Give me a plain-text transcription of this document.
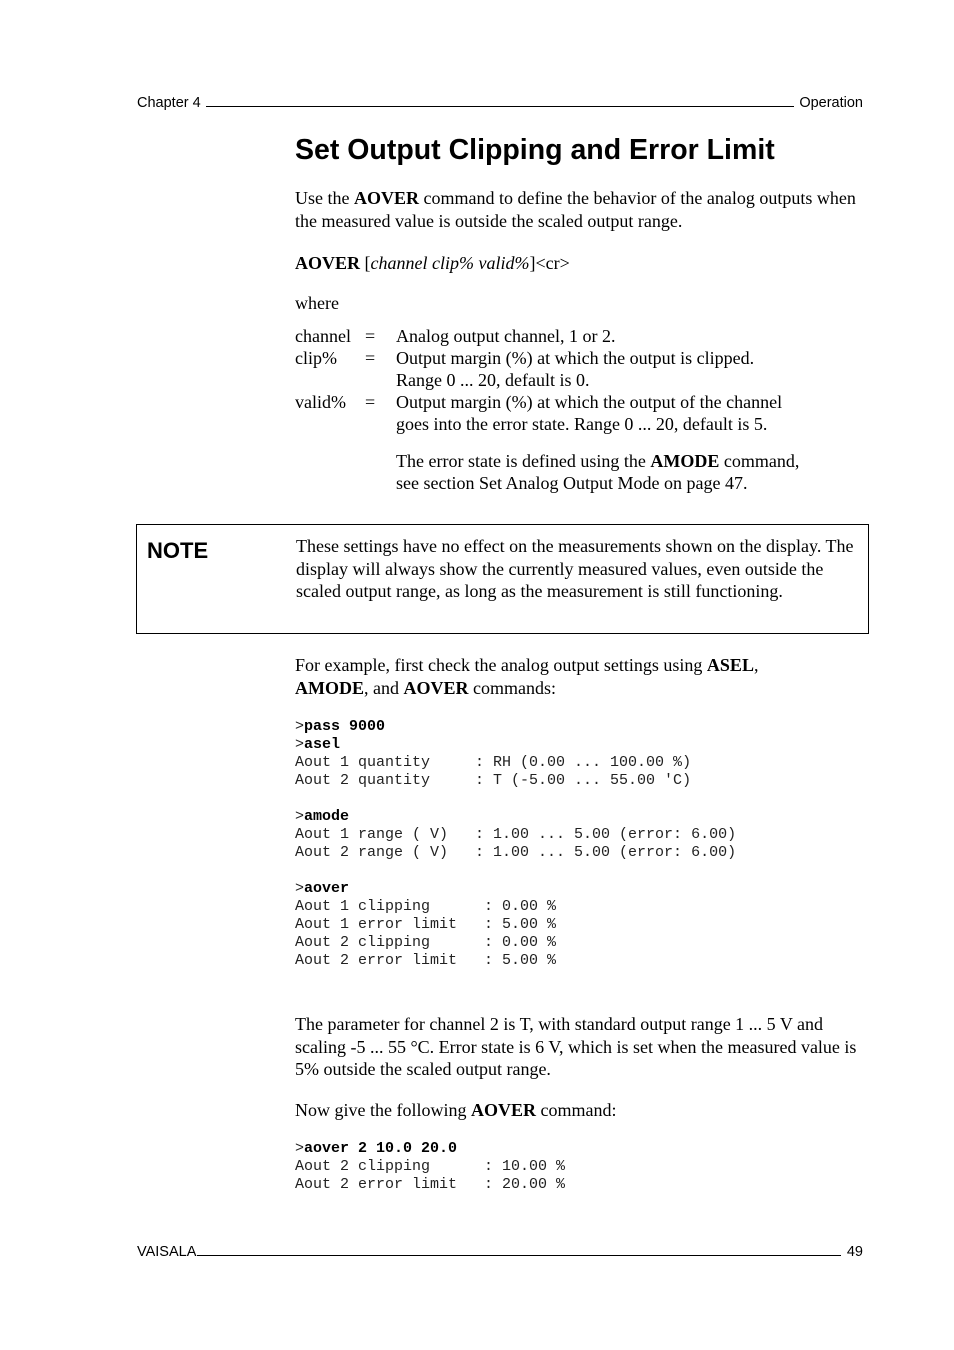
Chapter 4	Operation
Set Output Clipping and Error Limit
Use the AOVER command to define the behavior of the analog outputs when the measured value is outside the scaled output range.
AOVER [channel clip% valid%]<cr>
where
channel =	Analog output channel, 1 or 2.
clip%	=	Output margin (%) at which the output is clipped.
Range 0 ... 20, default is 0.
valid%	=	Output margin (%) at which the output of the channel
goes into the error state. Range 0 ... 20, default is 5.
The error state is defined using the AMODE command,
see section Set Analog Output Mode on page 47.
NOTE	These settings have no effect on the measurements shown on the display. The display will always show the currently measured values, even outside the scaled output range, as long as the measurement is still functioning.
For example, first check the analog output settings using ASEL,
AMODE, and AOVER commands:
>pass 9000
>asel
Aout 1 quantity     : RH (0.00 ... 100.00 %)
Aout 2 quantity     : T (-5.00 ... 55.00 'C)
>amode
Aout 1 range ( V)   : 1.00 ... 5.00 (error: 6.00)
Aout 2 range ( V)   : 1.00 ... 5.00 (error: 6.00)
>aover
Aout 1 clipping      : 0.00 %
Aout 1 error limit   : 5.00 %
Aout 2 clipping      : 0.00 %
Aout 2 error limit   : 5.00 %
The parameter for channel 2 is T, with standard output range 1 ... 5 V and scaling -5 ... 55 °C. Error state is 6 V, which is set when the measured value is 5% outside the scaled output range.
Now give the following AOVER command:
>aover 2 10.0 20.0
Aout 2 clipping      : 10.00 %
Aout 2 error limit   : 20.00 %
VAISALA	49
